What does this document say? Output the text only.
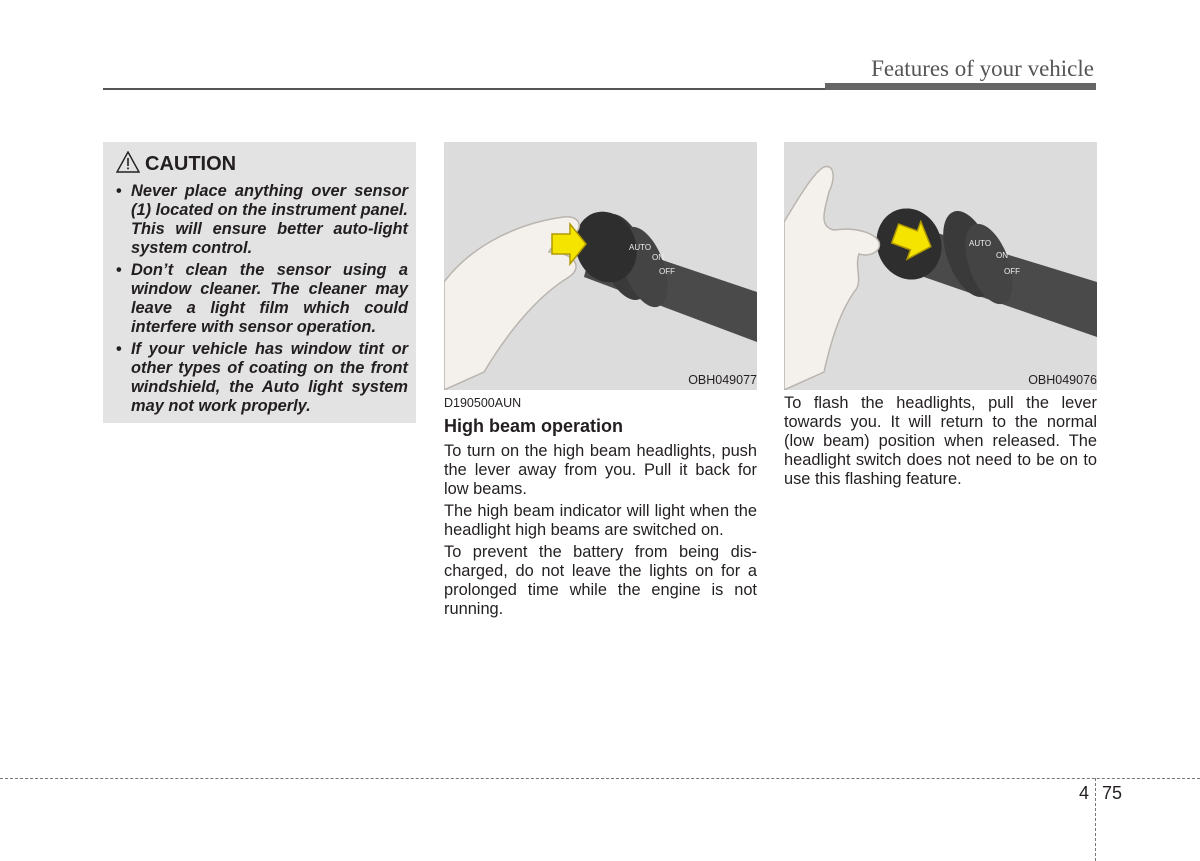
Features of your vehicle
CAUTION
• Never place anything over sensor (1) located on the instrument panel. This will ensure better auto-light system control.
• Don’t clean the sensor using a window cleaner. The cleaner may leave a light film which could interfere with sensor operation.
• If your vehicle has window tint or other types of coating on the front windshield, the Auto light system may not work properly.
AUTO
ON
OFF
OBH049077
AUTO
ON
OFF
OBH049076

D190500AUN

High beam operation

To turn on the high beam headlights, push the lever away from you. Pull it back for low beams.

The high beam indicator will light when the headlight high beams are switched on.

To prevent the battery from being dis-charged, do not leave the lights on for a prolonged time while the engine is not running.

To flash the headlights, pull the lever towards you. It will return to the normal (low beam) position when released. The headlight switch does not need to be on to use this flashing feature.

4 75
